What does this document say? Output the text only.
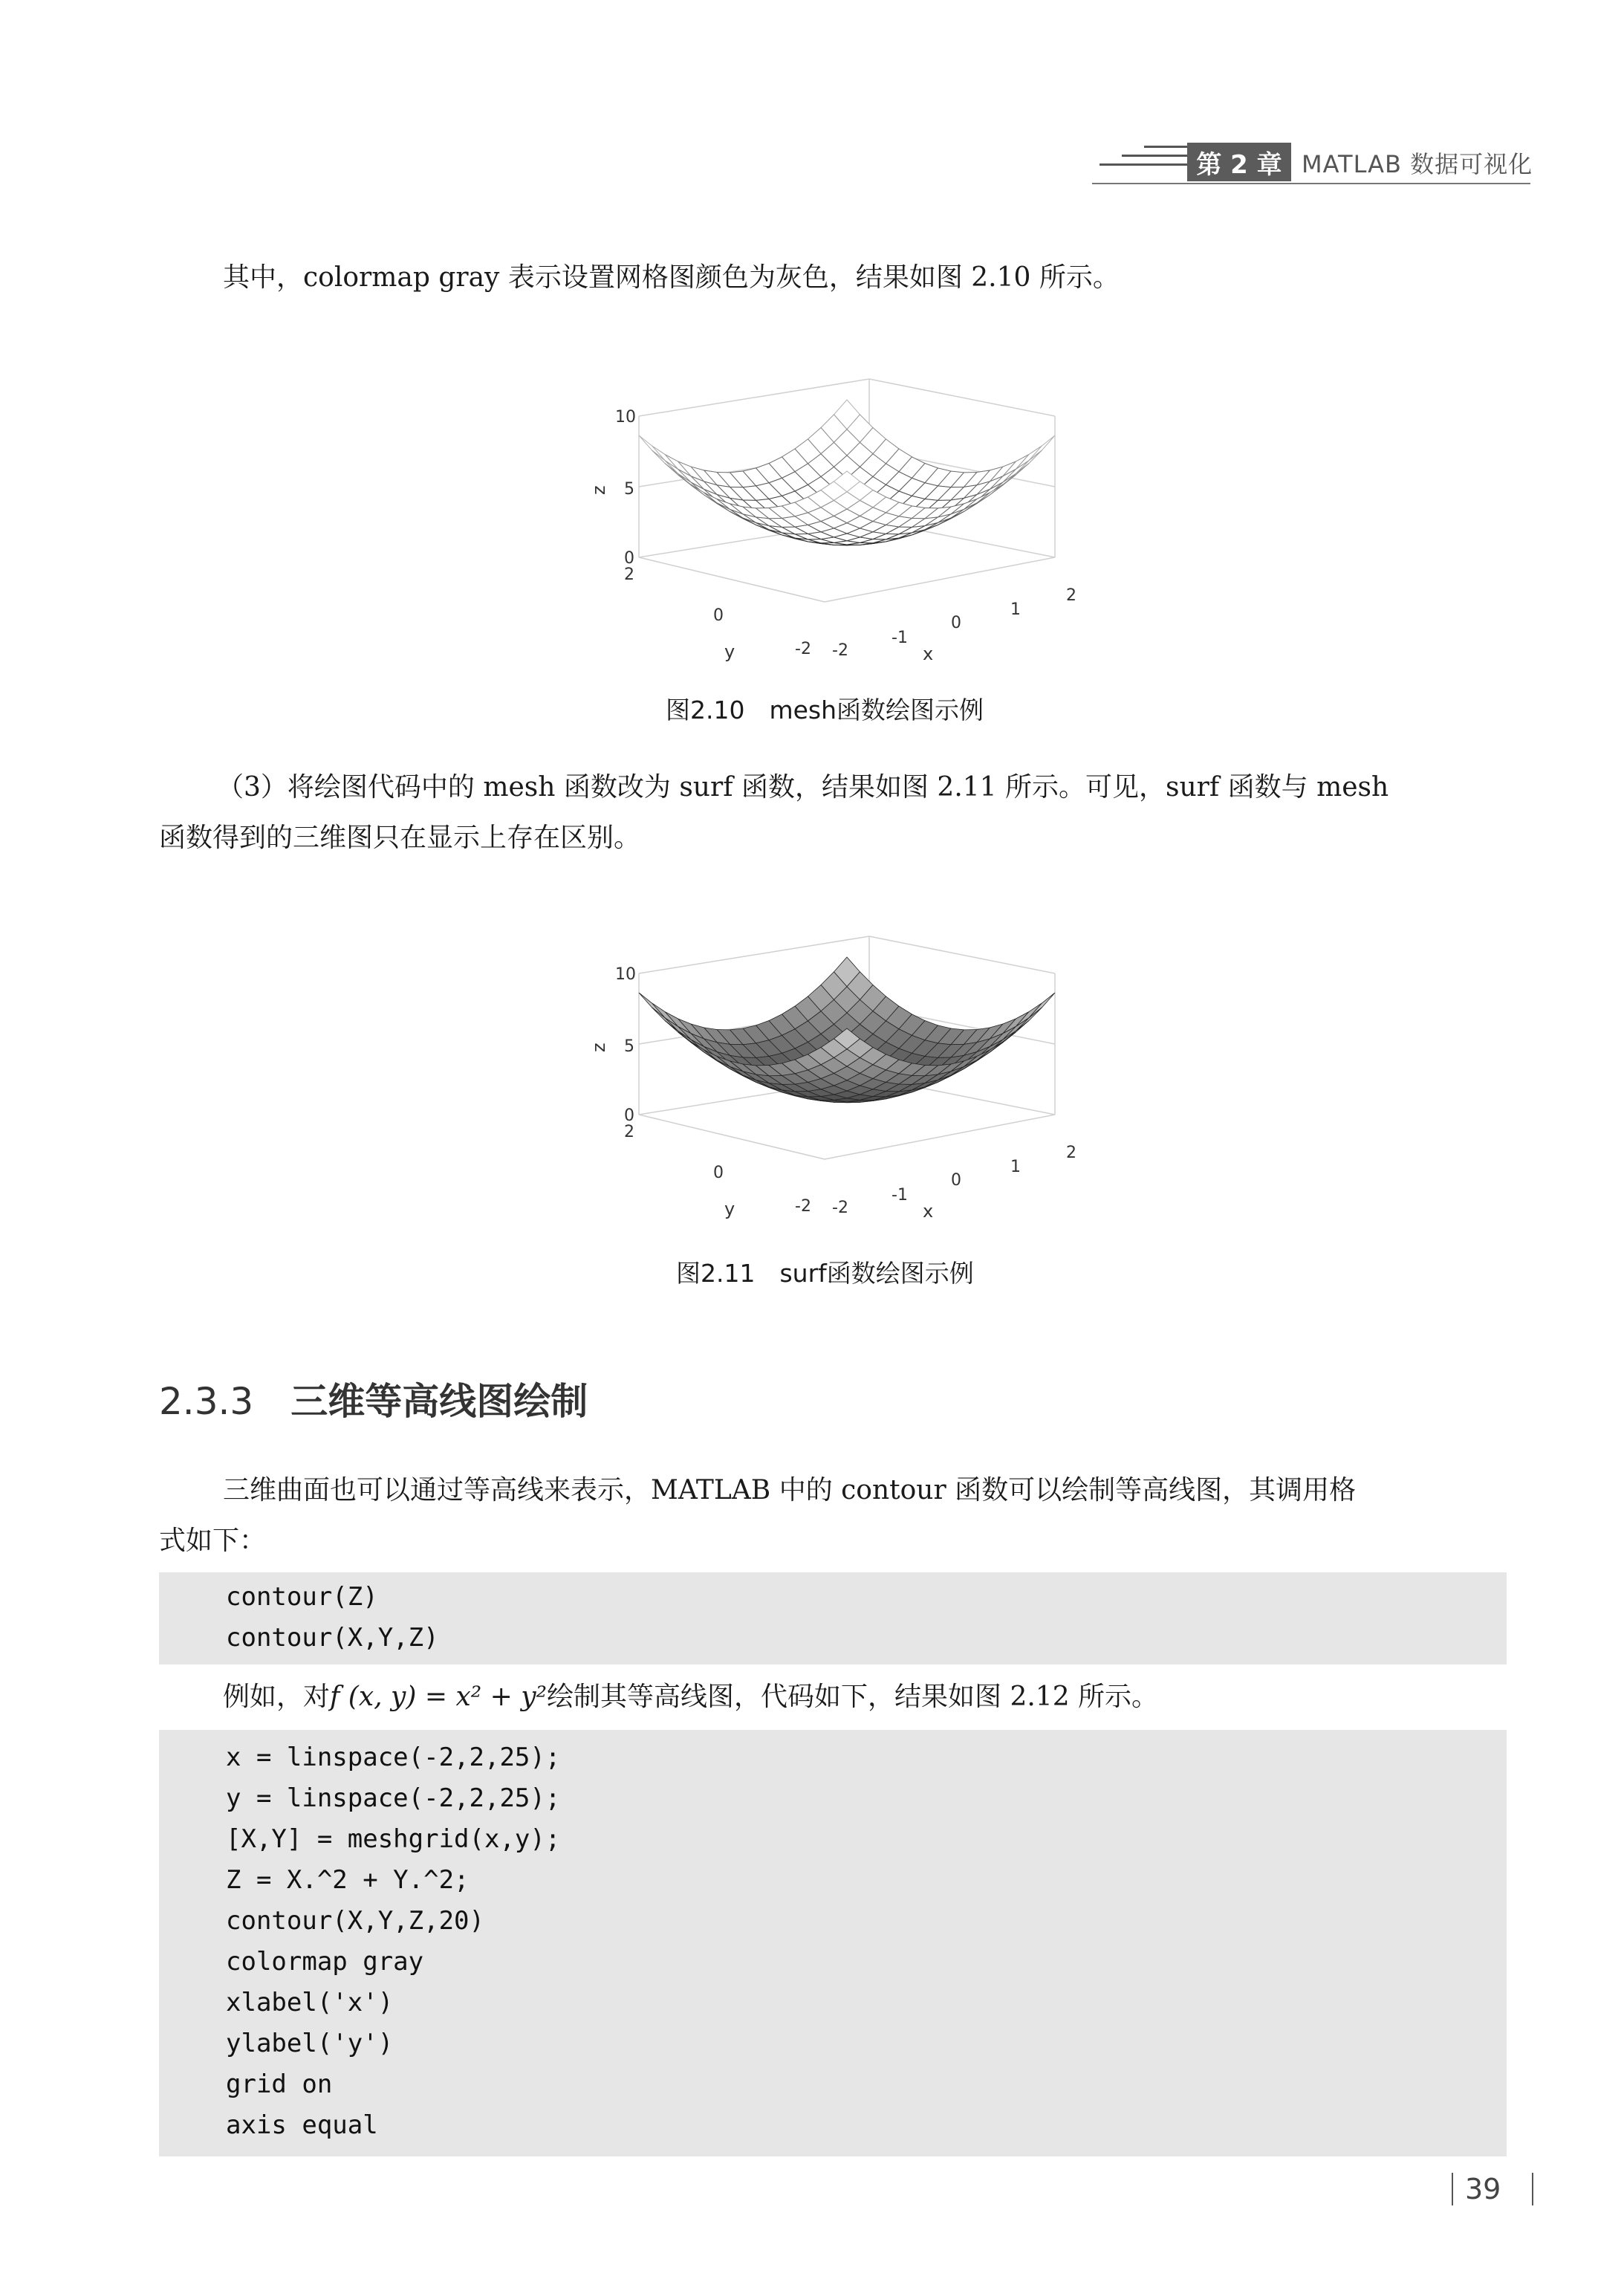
第 2 章 MATLAB 数据可视化
其中，colormap gray 表示设置网格图颜色为灰色，结果如图 2.10 所示。
10
5
0
2
0
-2 -2
-1
0
1
2
z
y	x
图2.10　mesh函数绘图示例
（3）将绘图代码中的 mesh 函数改为 surf 函数，结果如图 2.11 所示。可见，surf 函数与 mesh
函数得到的三维图只在显示上存在区别。
10
5
0
2
0
-2 -2
-1
0
1
2
z
y	x
图2.11　surf函数绘图示例
2.3.3 三维等高线图绘制
三维曲面也可以通过等高线来表示，MATLAB 中的 contour 函数可以绘制等高线图，其调用格
式如下：
contour(Z)
contour(X,Y,Z)
例如，对f (x, y) = x² + y²绘制其等高线图，代码如下，结果如图 2.12 所示。
x = linspace(-2,2,25);
y = linspace(-2,2,25);
[X,Y] = meshgrid(x,y);
Z = X.^2 + Y.^2;
contour(X,Y,Z,20)
colormap gray
xlabel('x')
ylabel('y')
grid on
axis equal
39
